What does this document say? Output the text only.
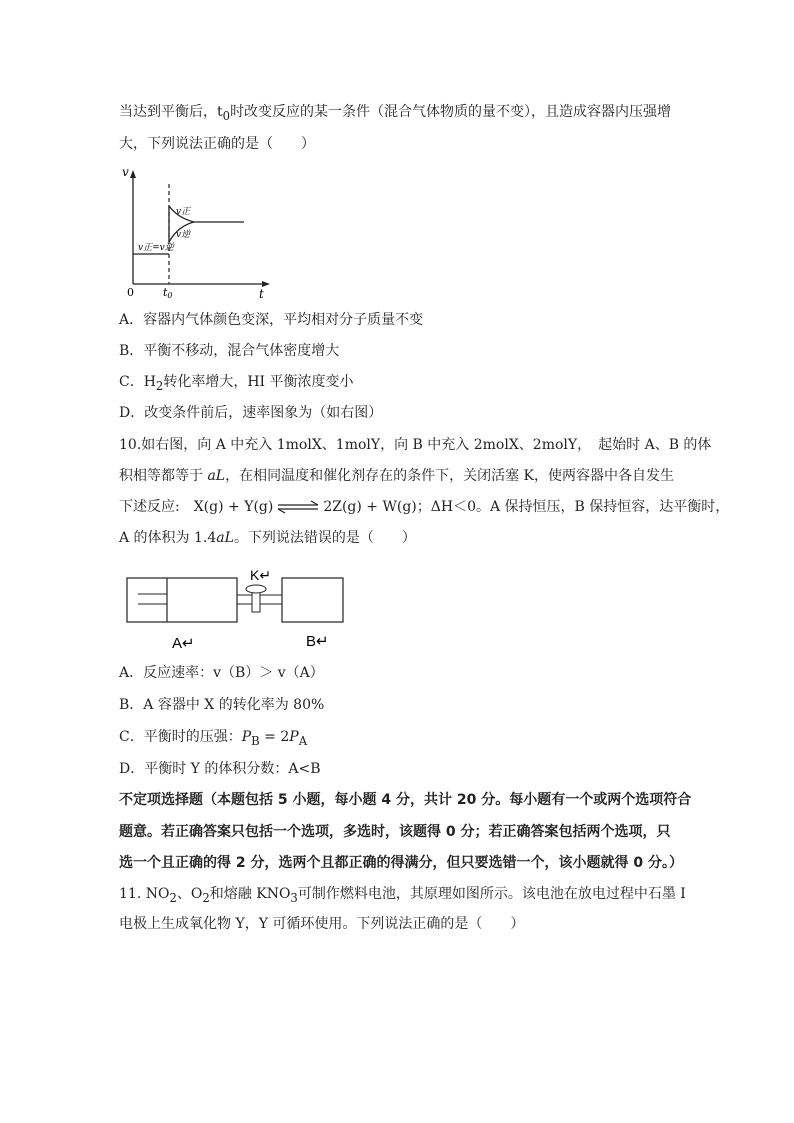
当达到平衡后，$t_0$时改变反应的某一条件（混合气体物质的量不变），且造成容器内压强增
大，下列说法正确的是（　　）
v
t
0	t0
v正
v逆
v正=v逆
A．容器内气体颜色变深，平均相对分子质量不变
B．平衡不移动，混合气体密度增大
C．$H_2$转化率增大，HI 平衡浓度变小
D．改变条件前后，速率图象为（如右图）
10.如右图，向 A 中充入 1molX、1molY，向 B 中充入 2molX、2molY，　起始时 A、B 的体
积相等都等于 aL，在相同温度和催化剂存在的条件下，关闭活塞 K，使两容器中各自发生
下述反应:　X(g) + Y(g) ⇌ 2Z(g) + W(g)；ΔH＜0。A 保持恒压，B 保持恒容，达平衡时，
A 的体积为 1.4aL。下列说法错误的是（　　）
K↵
A↵	B↵
A．反应速率：v（B）＞ v（A）
B．A 容器中 X 的转化率为 80%
C．平衡时的压强：$P_B = 2P_A$
D．平衡时 Y 的体积分数：A<B
不定项选择题（本题包括 5 小题，每小题 4 分，共计 20 分。每小题有一个或两个选项符合
题意。若正确答案只包括一个选项，多选时，该题得 0 分；若正确答案包括两个选项，只
选一个且正确的得 2 分，选两个且都正确的得满分，但只要选错一个，该小题就得 0 分。）
11. $NO_2$、$O_2$和熔融 $KNO_3$可制作燃料电池，其原理如图所示。该电池在放电过程中石墨 I
电极上生成氧化物 Y，Y 可循环使用。下列说法正确的是（　　）
